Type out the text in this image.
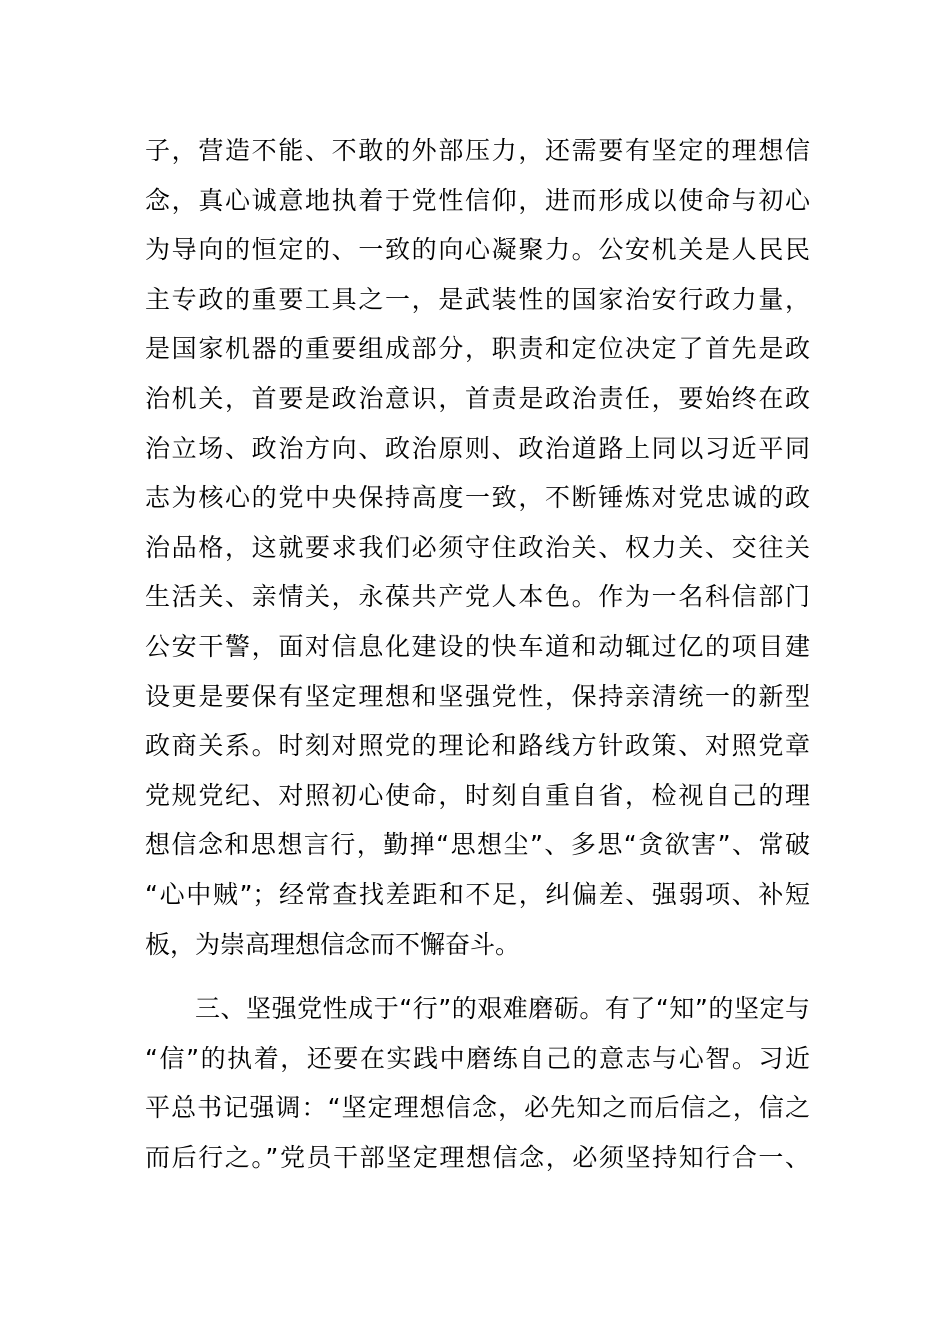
子，营造不能、不敢的外部压力，还需要有坚定的理想信
念，真心诚意地执着于党性信仰，进而形成以使命与初心
为导向的恒定的、一致的向心凝聚力。公安机关是人民民
主专政的重要工具之一，是武装性的国家治安行政力量，
是国家机器的重要组成部分，职责和定位决定了首先是政
治机关，首要是政治意识，首责是政治责任，要始终在政
治立场、政治方向、政治原则、政治道路上同以习近平同
志为核心的党中央保持高度一致，不断锤炼对党忠诚的政
治品格，这就要求我们必须守住政治关、权力关、交往关
生活关、亲情关，永葆共产党人本色。作为一名科信部门
公安干警，面对信息化建设的快车道和动辄过亿的项目建
设更是要保有坚定理想和坚强党性，保持亲清统一的新型
政商关系。时刻对照党的理论和路线方针政策、对照党章
党规党纪、对照初心使命，时刻自重自省，检视自己的理
想信念和思想言行，勤掸“思想尘”、多思“贪欲害”、常破
“心中贼”；经常查找差距和不足，纠偏差、强弱项、补短
板，为崇高理想信念而不懈奋斗。
三、坚强党性成于“行”的艰难磨砺。有了“知”的坚定与
“信”的执着，还要在实践中磨练自己的意志与心智。习近
平总书记强调：“坚定理想信念，必先知之而后信之，信之
而后行之。”党员干部坚定理想信念，必须坚持知行合一、
